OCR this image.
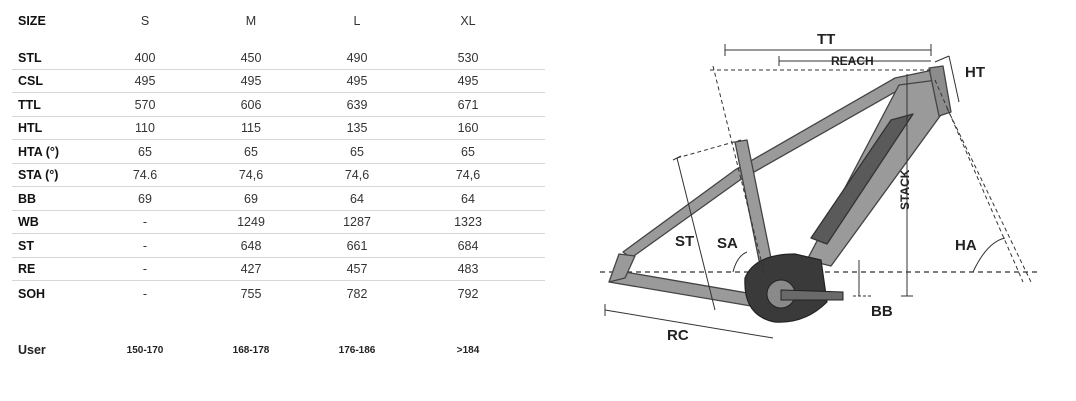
SIZE	S	M	L	XL
STL	400	450	490	530
CSL	495	495	495	495
TTL	570	606	639	671
HTL	110	115	135	160
HTA (°)	65	65	65	65
STA (°)	74.6	74,6	74,6	74,6
BB	69	69	64	64
WB	-	1249	1287	1323
ST	-	648	661	684
RE	-	427	457	483
SOH	-	755	782	792
User	150-170	168-178	176-186	>184
TT
REACH
HT
STACK
ST SA	HA
RC
BB
